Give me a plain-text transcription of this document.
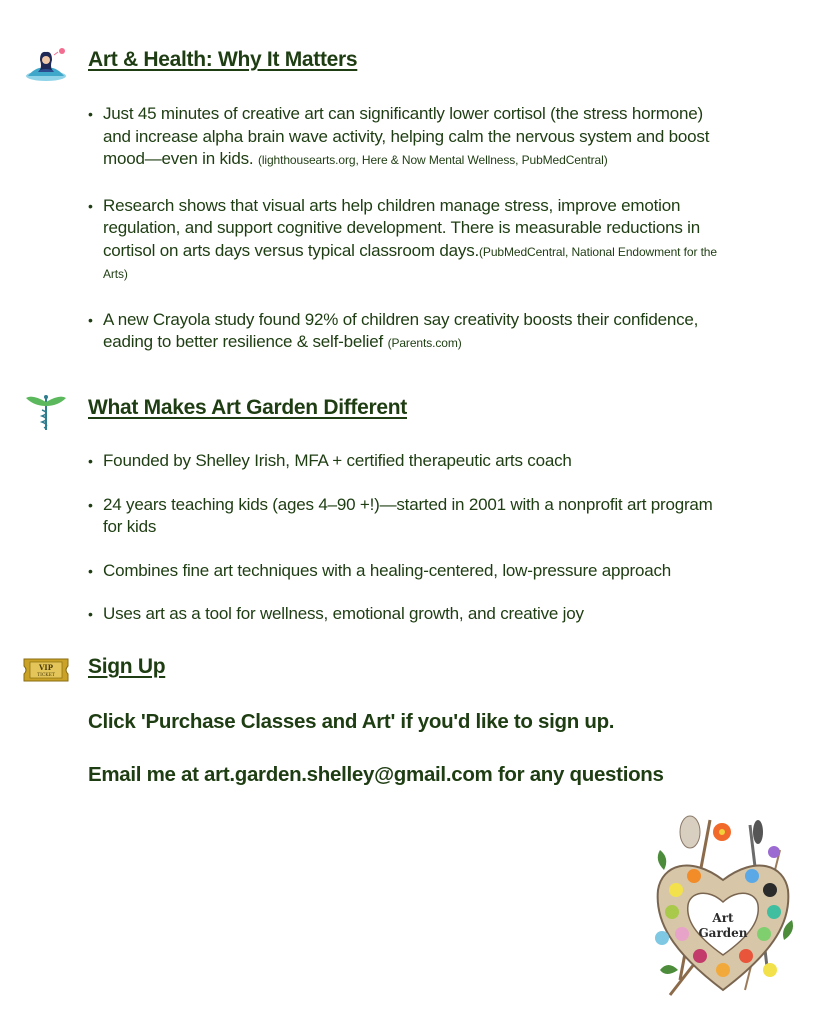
Art & Health: Why It Matters
• Just 45 minutes of creative art can significantly lower cortisol (the stress hormone) and increase alpha brain wave activity, helping calm the nervous system and boost mood—even in kids. (lighthousearts.org, Here & Now Mental Wellness, PubMedCentral)
• Research shows that visual arts help children manage stress, improve emotion regulation, and support cognitive development. There is measurable reductions in cortisol on arts days versus typical classroom days.(PubMedCentral, National Endowment for the Arts)
• A new Crayola study found 92% of children say creativity boosts their confidence, eading to better resilience & self-belief (Parents.com)
What Makes Art Garden Different
• Founded by Shelley Irish, MFA + certified therapeutic arts coach
• 24 years teaching kids (ages 4–90 +!)—started in 2001 with a nonprofit art program for kids
• Combines fine art techniques with a healing-centered, low-pressure approach
• Uses art as a tool for wellness, emotional growth, and creative joy
VIP
TICKET Sign Up

Click 'Purchase Classes and Art' if you'd like to sign up.

Email me at art.garden.shelley@gmail.com for any questions

Art
Garden
